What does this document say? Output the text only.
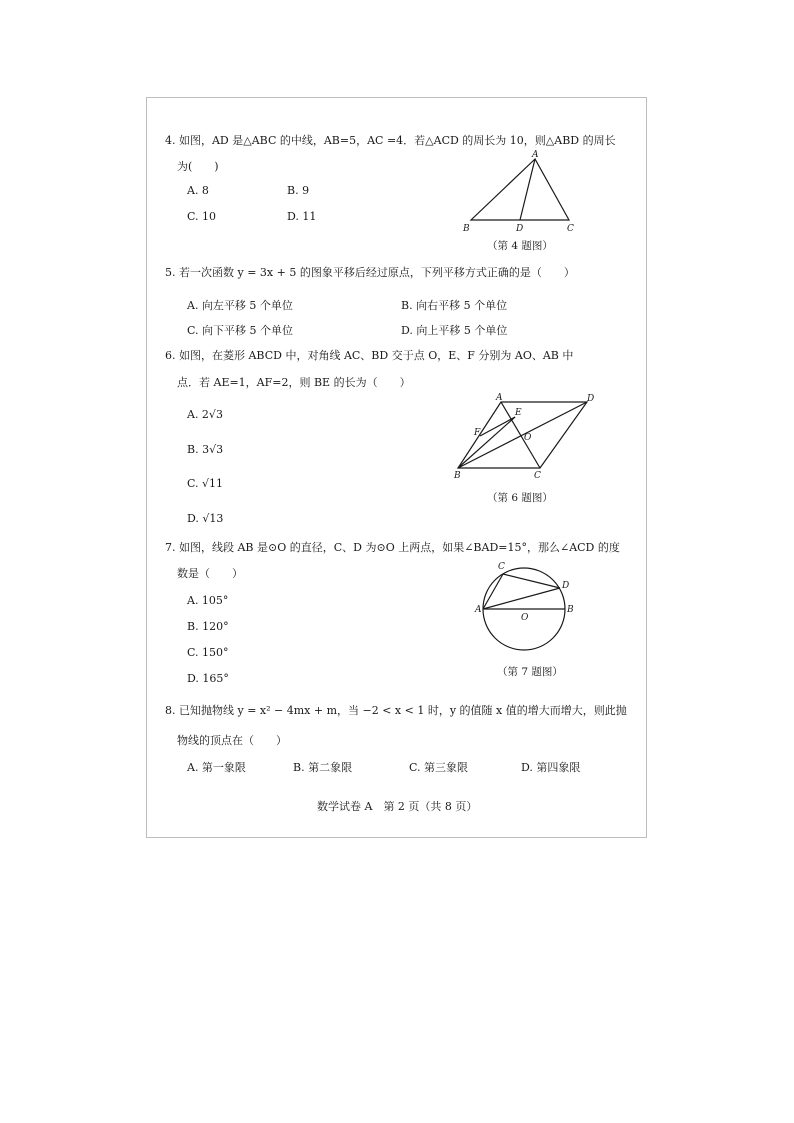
4. 如图，AD 是△ABC 的中线，AB=5，AC =4．若△ACD 的周长为 10，则△ABD 的周长
为(　　)
A. 8	B. 9
C. 10	D. 11
A
B	D	C
（第 4 题图）
5. 若一次函数 y = 3x + 5 的图象平移后经过原点，下列平移方式正确的是（　　）
A. 向左平移 5 个单位	B. 向右平移 5 个单位
C. 向下平移 5 个单位	D. 向上平移 5 个单位
6. 如图，在菱形 ABCD 中，对角线 AC、BD 交于点 O，E、F 分别为 AO、AB 中
点．若 AE=1，AF=2，则 BE 的长为（　　）
A. 2√3
B. 3√3
C. √11
D. √13
A	D
E
F	O
B	C
（第 6 题图）
7. 如图，线段 AB 是⊙O 的直径，C、D 为⊙O 上两点，如果∠BAD=15°，那么∠ACD 的度
数是（　　）
A. 105°
B. 120°
C. 150°
D. 165°
C
D
A	B
O
（第 7 题图）
8. 已知抛物线 y = x² − 4mx + m，当 −2 < x < 1 时，y 的值随 x 值的增大而增大，则此抛
物线的顶点在（　　）
A. 第一象限	B. 第二象限	C. 第三象限	D. 第四象限
数学试卷 A　第 2 页（共 8 页）
